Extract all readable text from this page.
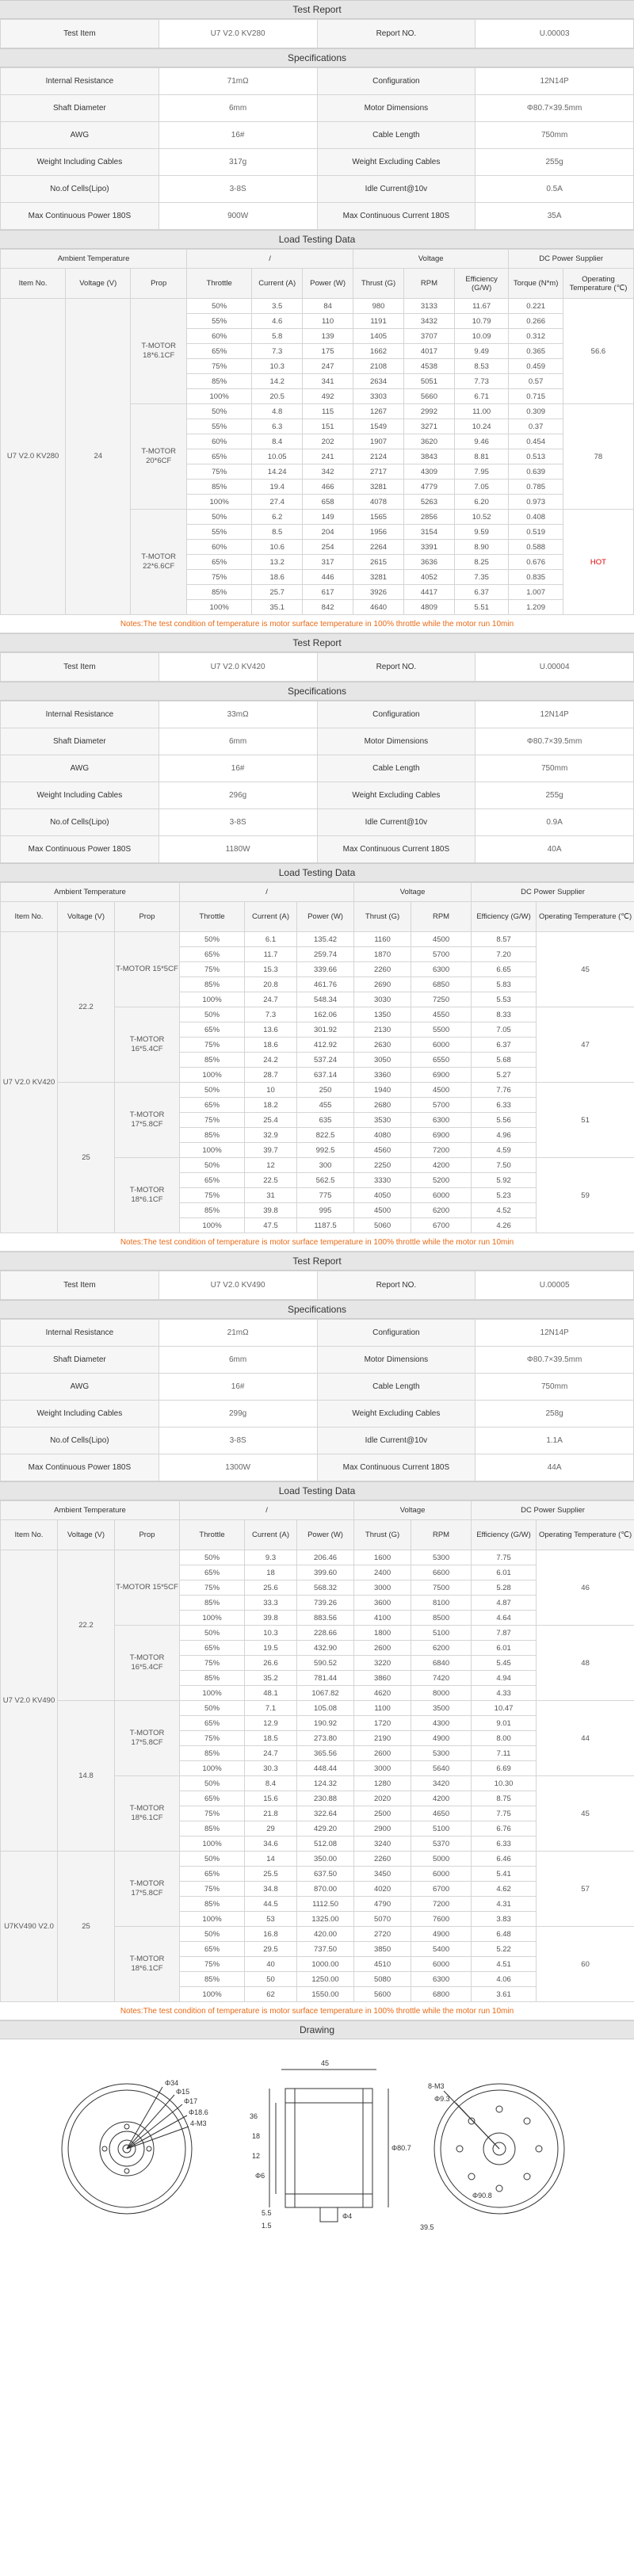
Test Report
Test Item	U7 V2.0 KV280	Report NO.	U.00003
Specifications
Internal Resistance	71mΩ	Configuration	12N14P
Shaft Diameter	6mm	Motor Dimensions	Φ80.7×39.5mm
AWG	16#	Cable Length	750mm
Weight Including Cables	317g	Weight Excluding Cables	255g
No.of Cells(Lipo)	3-8S	Idle Current@10v	0.5A
Max Continuous Power 180S	900W	Max Continuous Current 180S	35A
Load Testing Data
Ambient Temperature			/			Voltage			DC Power Supplier	
Item No.	Voltage (V)	Prop	Throttle	Current (A)	Power (W)	Thrust (G)	RPM	Efficiency (G/W)	Torque (N*m)	Operating Temperature (℃)
U7 V2.0 KV280	24	T-MOTOR 18*6.1CF	50%	3.5	84	980	3133	11.67	0.221	56.6
			55%	4.6	110	1191	3432	10.79	0.266	
			60%	5.8	139	1405	3707	10.09	0.312	
			65%	7.3	175	1662	4017	9.49	0.365	
			75%	10.3	247	2108	4538	8.53	0.459	
			85%	14.2	341	2634	5051	7.73	0.57	
			100%	20.5	492	3303	5660	6.71	0.715	
		T-MOTOR 20*6CF	50%	4.8	115	1267	2992	11.00	0.309	78
			55%	6.3	151	1549	3271	10.24	0.37	
			60%	8.4	202	1907	3620	9.46	0.454	
			65%	10.05	241	2124	3843	8.81	0.513	
			75%	14.24	342	2717	4309	7.95	0.639	
			85%	19.4	466	3281	4779	7.05	0.785	
			100%	27.4	658	4078	5263	6.20	0.973	
		T-MOTOR 22*6.6CF	50%	6.2	149	1565	2856	10.52	0.408	HOT
			55%	8.5	204	1956	3154	9.59	0.519	
			60%	10.6	254	2264	3391	8.90	0.588	
			65%	13.2	317	2615	3636	8.25	0.676	
			75%	18.6	446	3281	4052	7.35	0.835	
			85%	25.7	617	3926	4417	6.37	1.007	
			100%	35.1	842	4640	4809	5.51	1.209	
Notes:The test condition of temperature is motor surface temperature in 100% throttle while the motor run 10min
Test Report
Test Item	U7 V2.0 KV420	Report NO.	U.00004
Specifications
Internal Resistance	33mΩ	Configuration	12N14P
Shaft Diameter	6mm	Motor Dimensions	Φ80.7×39.5mm
AWG	16#	Cable Length	750mm
Weight Including Cables	296g	Weight Excluding Cables	255g
No.of Cells(Lipo)	3-8S	Idle Current@10v	0.9A
Max Continuous Power 180S	1180W	Max Continuous Current 180S	40A
Load Testing Data
Ambient Temperature			/			Voltage		DC Power Supplier	
Item No.	Voltage (V)	Prop	Throttle	Current (A)	Power (W)	Thrust (G)	RPM	Efficiency (G/W)	Operating Temperature (℃)
U7 V2.0 KV420	22.2	T-MOTOR 15*5CF	50%	6.1	135.42	1160	4500	8.57	45
			65%	11.7	259.74	1870	5700	7.20	
			75%	15.3	339.66	2260	6300	6.65	
			85%	20.8	461.76	2690	6850	5.83	
			100%	24.7	548.34	3030	7250	5.53	
		T-MOTOR 16*5.4CF	50%	7.3	162.06	1350	4550	8.33	47
			65%	13.6	301.92	2130	5500	7.05	
			75%	18.6	412.92	2630	6000	6.37	
			85%	24.2	537.24	3050	6550	5.68	
			100%	28.7	637.14	3360	6900	5.27	
	25	T-MOTOR 17*5.8CF	50%	10	250	1940	4500	7.76	51
			65%	18.2	455	2680	5700	6.33	
			75%	25.4	635	3530	6300	5.56	
			85%	32.9	822.5	4080	6900	4.96	
			100%	39.7	992.5	4560	7200	4.59	
		T-MOTOR 18*6.1CF	50%	12	300	2250	4200	7.50	59
			65%	22.5	562.5	3330	5200	5.92	
			75%	31	775	4050	6000	5.23	
			85%	39.8	995	4500	6200	4.52	
			100%	47.5	1187.5	5060	6700	4.26	
Notes:The test condition of temperature is motor surface temperature in 100% throttle while the motor run 10min
Test Report
Test Item	U7 V2.0 KV490	Report NO.	U.00005
Specifications
Internal Resistance	21mΩ	Configuration	12N14P
Shaft Diameter	6mm	Motor Dimensions	Φ80.7×39.5mm
AWG	16#	Cable Length	750mm
Weight Including Cables	299g	Weight Excluding Cables	258g
No.of Cells(Lipo)	3-8S	Idle Current@10v	1.1A
Max Continuous Power 180S	1300W	Max Continuous Current 180S	44A
Load Testing Data
Ambient Temperature			/			Voltage		DC Power Supplier	
Item No.	Voltage (V)	Prop	Throttle	Current (A)	Power (W)	Thrust (G)	RPM	Efficiency (G/W)	Operating Temperature (℃)
U7 V2.0 KV490	22.2	T-MOTOR 15*5CF	50%	9.3	206.46	1600	5300	7.75	46
			65%	18	399.60	2400	6600	6.01	
			75%	25.6	568.32	3000	7500	5.28	
			85%	33.3	739.26	3600	8100	4.87	
			100%	39.8	883.56	4100	8500	4.64	
		T-MOTOR 16*5.4CF	50%	10.3	228.66	1800	5100	7.87	48
			65%	19.5	432.90	2600	6200	6.01	
			75%	26.6	590.52	3220	6840	5.45	
			85%	35.2	781.44	3860	7420	4.94	
			100%	48.1	1067.82	4620	8000	4.33	
	14.8	T-MOTOR 17*5.8CF	50%	7.1	105.08	1100	3500	10.47	44
			65%	12.9	190.92	1720	4300	9.01	
			75%	18.5	273.80	2190	4900	8.00	
			85%	24.7	365.56	2600	5300	7.11	
			100%	30.3	448.44	3000	5640	6.69	
		T-MOTOR 18*6.1CF	50%	8.4	124.32	1280	3420	10.30	45
			65%	15.6	230.88	2020	4200	8.75	
			75%	21.8	322.64	2500	4650	7.75	
			85%	29	429.20	2900	5100	6.76	
			100%	34.6	512.08	3240	5370	6.33	
U7KV490 V2.0	25	T-MOTOR 17*5.8CF	50%	14	350.00	2260	5000	6.46	57
			65%	25.5	637.50	3450	6000	5.41	
			75%	34.8	870.00	4020	6700	4.62	
			85%	44.5	1112.50	4790	7200	4.31	
			100%	53	1325.00	5070	7600	3.83	
		T-MOTOR 18*6.1CF	50%	16.8	420.00	2720	4900	6.48	60
			65%	29.5	737.50	3850	5400	5.22	
			75%	40	1000.00	4510	6000	4.51	
			85%	50	1250.00	5080	6300	4.06	
			100%	62	1550.00	5600	6800	3.61	
Notes:The test condition of temperature is motor surface temperature in 100% throttle while the motor run 10min
Drawing
Φ34
Φ15
Φ17
Φ18.6
4-M3
45
36
18
12
Φ6
5.5
1.5
Φ80.7
Φ4
8-M3
Φ9.3
Φ90.8
39.5
